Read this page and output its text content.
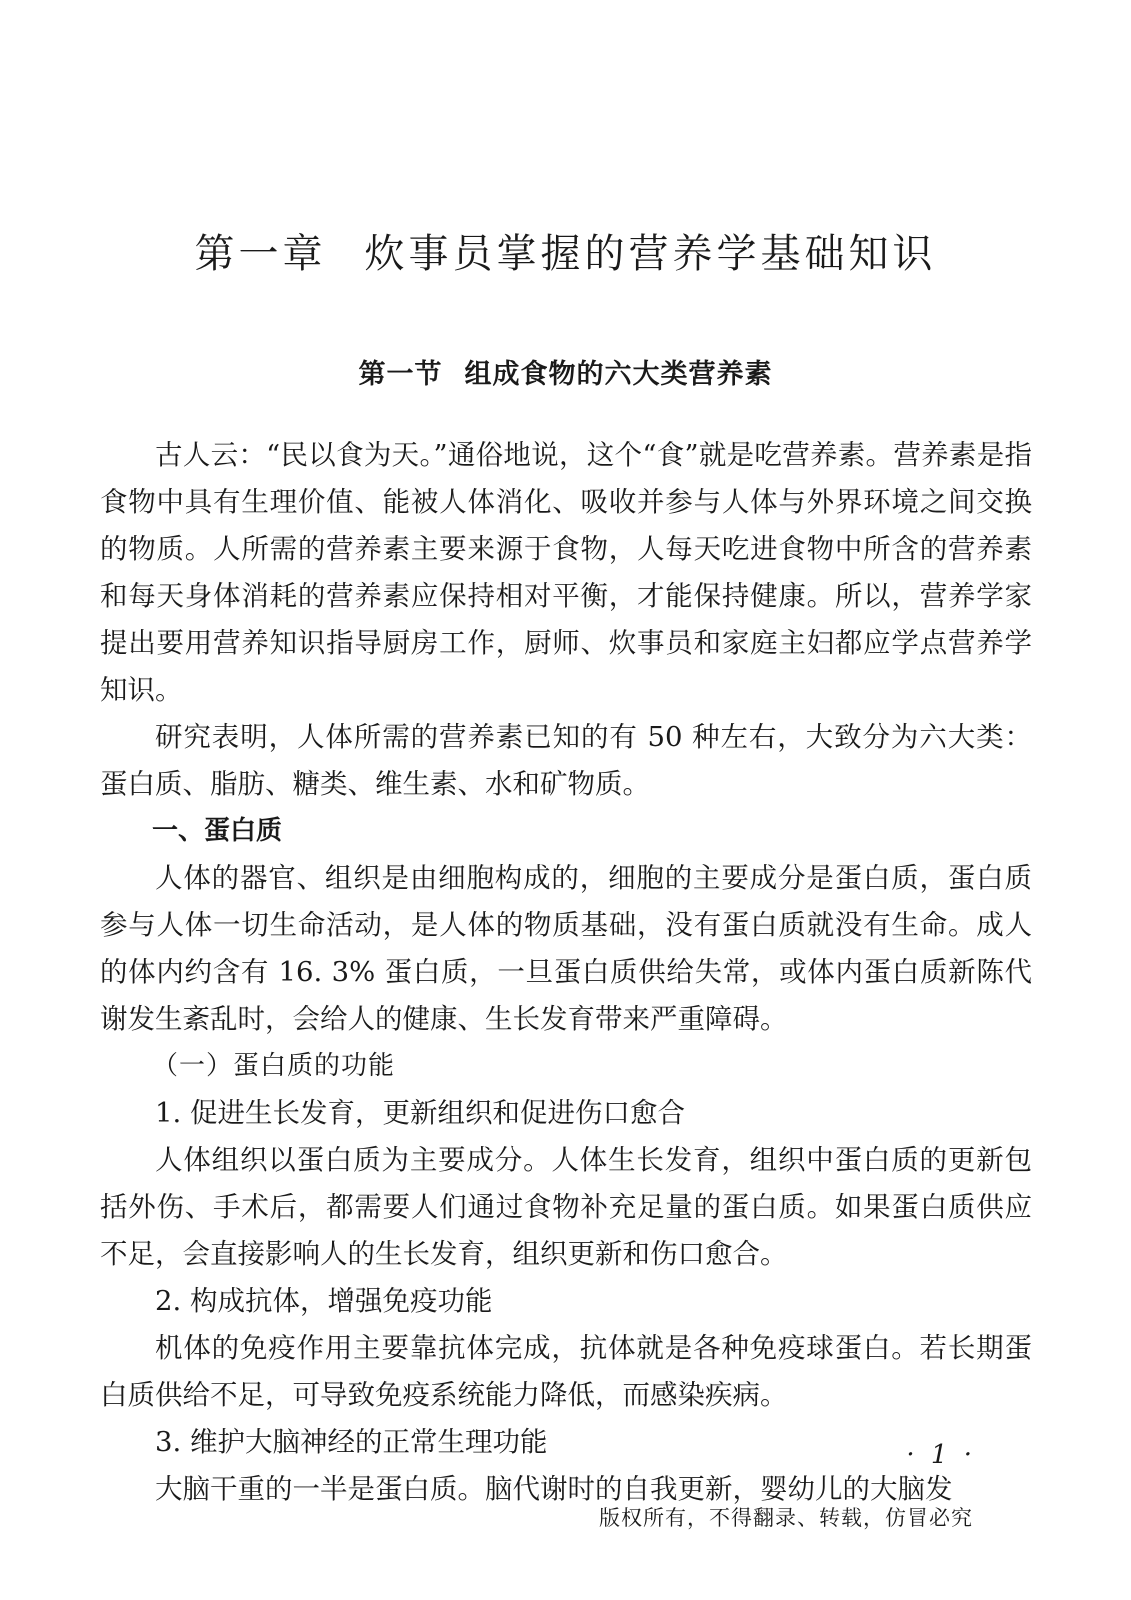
第一章 炊事员掌握的营养学基础知识
第一节 组成食物的六大类营养素

古人云：“民以食为天。”通俗地说，这个“食”就是吃营养素。营养素是指食物中具有生理价值、能被人体消化、吸收并参与人体与外界环境之间交换的物质。人所需的营养素主要来源于食物，人每天吃进食物中所含的营养素和每天身体消耗的营养素应保持相对平衡，才能保持健康。所以，营养学家提出要用营养知识指导厨房工作，厨师、炊事员和家庭主妇都应学点营养学知识。

研究表明，人体所需的营养素已知的有 50 种左右，大致分为六大类：蛋白质、脂肪、糖类、维生素、水和矿物质。

一、蛋白质

人体的器官、组织是由细胞构成的，细胞的主要成分是蛋白质，蛋白质参与人体一切生命活动，是人体的物质基础，没有蛋白质就没有生命。成人的体内约含有 16. 3% 蛋白质，一旦蛋白质供给失常，或体内蛋白质新陈代谢发生紊乱时，会给人的健康、生长发育带来严重障碍。

（一）蛋白质的功能
1. 促进生长发育，更新组织和促进伤口愈合

人体组织以蛋白质为主要成分。人体生长发育，组织中蛋白质的更新包括外伤、手术后，都需要人们通过食物补充足量的蛋白质。如果蛋白质供应不足，会直接影响人的生长发育，组织更新和伤口愈合。

2. 构成抗体，增强免疫功能

机体的免疫作用主要靠抗体完成，抗体就是各种免疫球蛋白。若长期蛋白质供给不足，可导致免疫系统能力降低，而感染疾病。

3. 维护大脑神经的正常生理功能

大脑干重的一半是蛋白质。脑代谢时的自我更新，婴幼儿的大脑发

· 1 ·
版权所有，不得翻录、转载，仿冒必究
